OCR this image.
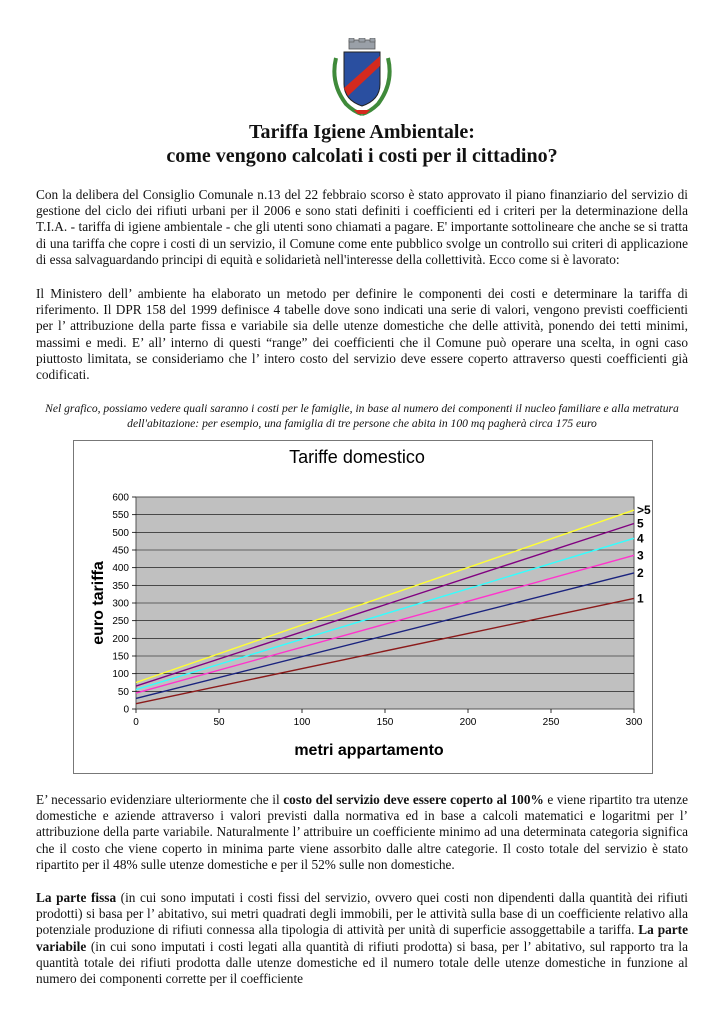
Tariffa Igiene Ambientale:
come vengono calcolati i costi per il cittadino?
Con la delibera del Consiglio Comunale n.13 del 22 febbraio scorso è stato approvato il piano finanziario del servizio di gestione del ciclo dei rifiuti urbani per il 2006 e sono stati definiti i coefficienti ed i criteri per la determinazione della T.I.A. - tariffa di igiene ambientale - che gli utenti sono chiamati a pagare. E' importante sottolineare che anche se si tratta di una tariffa che copre i costi di un servizio, il Comune come ente pubblico svolge un controllo sui criteri di applicazione di essa salvaguardando principi di equità e solidarietà nell'interesse della collettività. Ecco come si è lavorato:
Il Ministero dell’ ambiente ha elaborato un metodo per definire le componenti dei costi e determinare la tariffa di riferimento. Il DPR 158 del 1999 definisce 4 tabelle dove sono indicati una serie di valori, vengono previsti coefficienti per l’ attribuzione della parte fissa e variabile sia delle utenze domestiche che delle attività, ponendo dei tetti minimi, massimi e medi. E’ all’ interno di questi “range” dei coefficienti che il Comune può operare una scelta, in ogni caso piuttosto limitata, se consideriamo che l’ intero costo del servizio deve essere coperto attraverso questi coefficienti già codificati.
Nel grafico, possiamo vedere quali saranno i costi per le famiglie, in base al numero dei componenti il nucleo familiare e alla metratura dell'abitazione: per esempio, una famiglia di tre persone che abita in 100 mq pagherà circa 175 euro
Tariffe domestico
0
50
100
150
200
250
300
350
400
450
500
550
600
0	50	100	150	200	250	300
1
2
3
4
5
>5
metri appartamento
euro tariffa
E’ necessario evidenziare ulteriormente che il costo del servizio deve essere coperto al 100% e viene ripartito tra utenze domestiche e aziende attraverso i valori previsti dalla normativa ed in base a calcoli matematici e logaritmi per l’ attribuzione della parte variabile. Naturalmente l’ attribuire un coefficiente minimo ad una determinata categoria significa che il costo che viene coperto in minima parte viene assorbito dalle altre categorie. Il costo totale del servizio è stato ripartito per il 48% sulle utenze domestiche e per il 52% sulle non domestiche.
La parte fissa (in cui sono imputati i costi fissi del servizio, ovvero quei costi non dipendenti dalla quantità dei rifiuti prodotti) si basa per l’ abitativo, sui metri quadrati degli immobili, per le attività sulla base di un coefficiente relativo alla potenziale produzione di rifiuti connessa alla tipologia di attività per unità di superficie assoggettabile a tariffa. La parte variabile (in cui sono imputati i costi legati alla quantità di rifiuti prodotta) si basa, per l’ abitativo, sul rapporto tra la quantità totale dei rifiuti prodotta dalle utenze domestiche ed il numero totale delle utenze domestiche in funzione al numero dei componenti corrette per il coefficiente
